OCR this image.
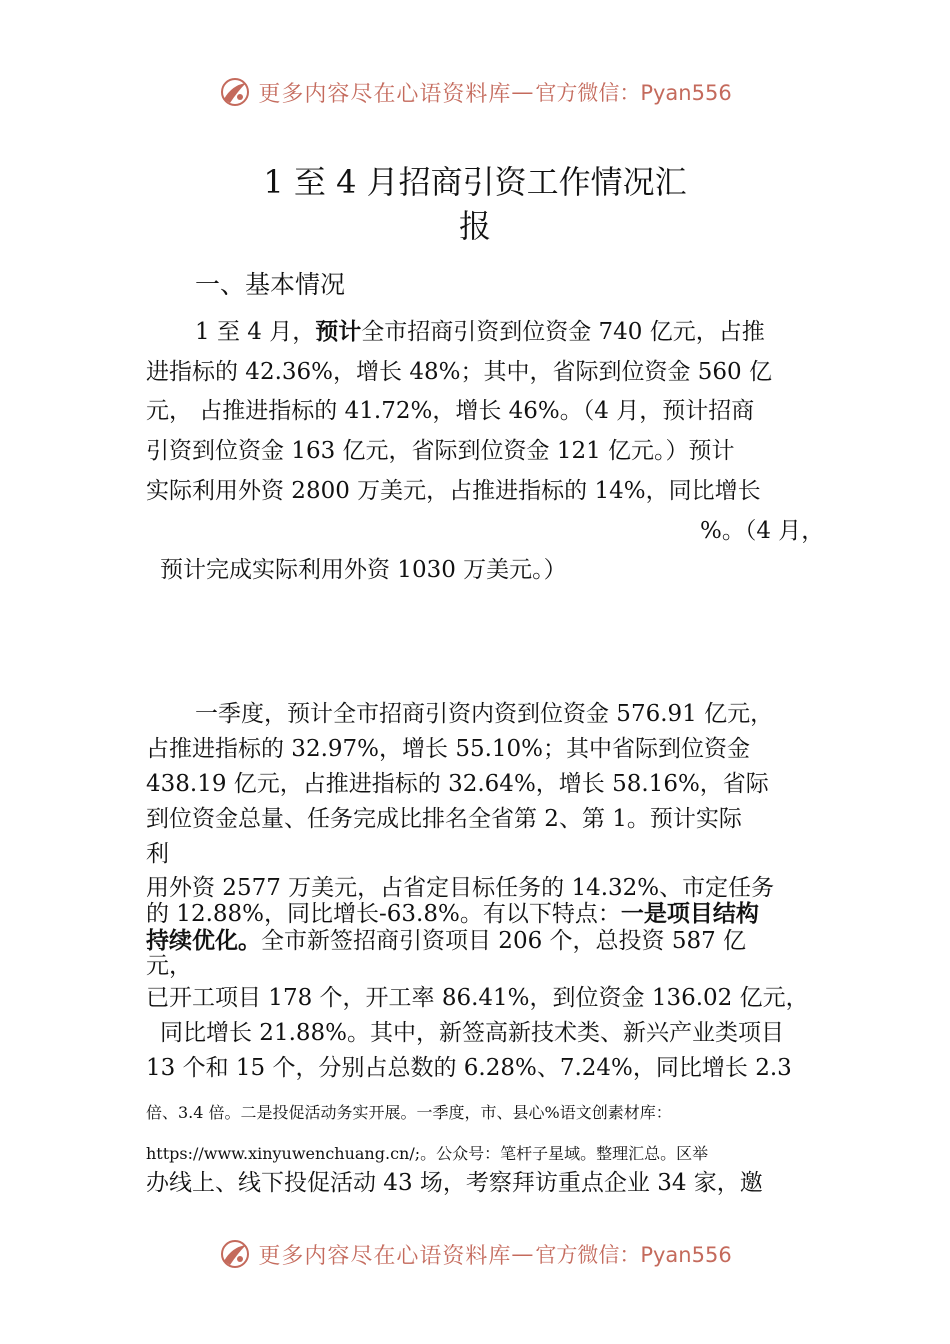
更多内容尽在心语资料库 — 官方微信：Pyan556
1 至 4 月招商引资工作情况汇
报
一、基本情况
1 至 4 月，预计全市招商引资到位资金 740 亿元，占推
进指标的 42.36%，增长 48%；其中，省际到位资金 560 亿
元， 占推进指标的 41.72%，增长 46%。（4 月，预计招商
引资到位资金 163 亿元，省际到位资金 121 亿元。）预计
实际利用外资 2800 万美元，占推进指标的 14%，同比增长
%。（4 月，
预计完成实际利用外资 1030 万美元。）
一季度，预计全市招商引资内资到位资金 576.91 亿元，
占推进指标的 32.97%，增长 55.10%；其中省际到位资金
438.19 亿元，占推进指标的 32.64%，增长 58.16%，省际
到位资金总量、任务完成比排名全省第 2、第 1。预计实际
利
用外资 2577 万美元，占省定目标任务的 14.32%、市定任务
的 12.88%，同比增长-63.8%。有以下特点：一是项目结构
持续优化。全市新签招商引资项目 206 个，总投资 587 亿
元，
已开工项目 178 个，开工率 86.41%，到位资金 136.02 亿元，
同比增长 21.88%。其中，新签高新技术类、新兴产业类项目
13 个和 15 个，分别占总数的 6.28%、7.24%，同比增长 2.3
倍、3.4 倍。二是投促活动务实开展。一季度，市、县心%语文创素材库：
https://www.xinyuwenchuang.cn/;。公众号：笔杆子星域。整理汇总。区举
办线上、线下投促活动 43 场，考察拜访重点企业 34 家，邀
更多内容尽在心语资料库 — 官方微信：Pyan556
